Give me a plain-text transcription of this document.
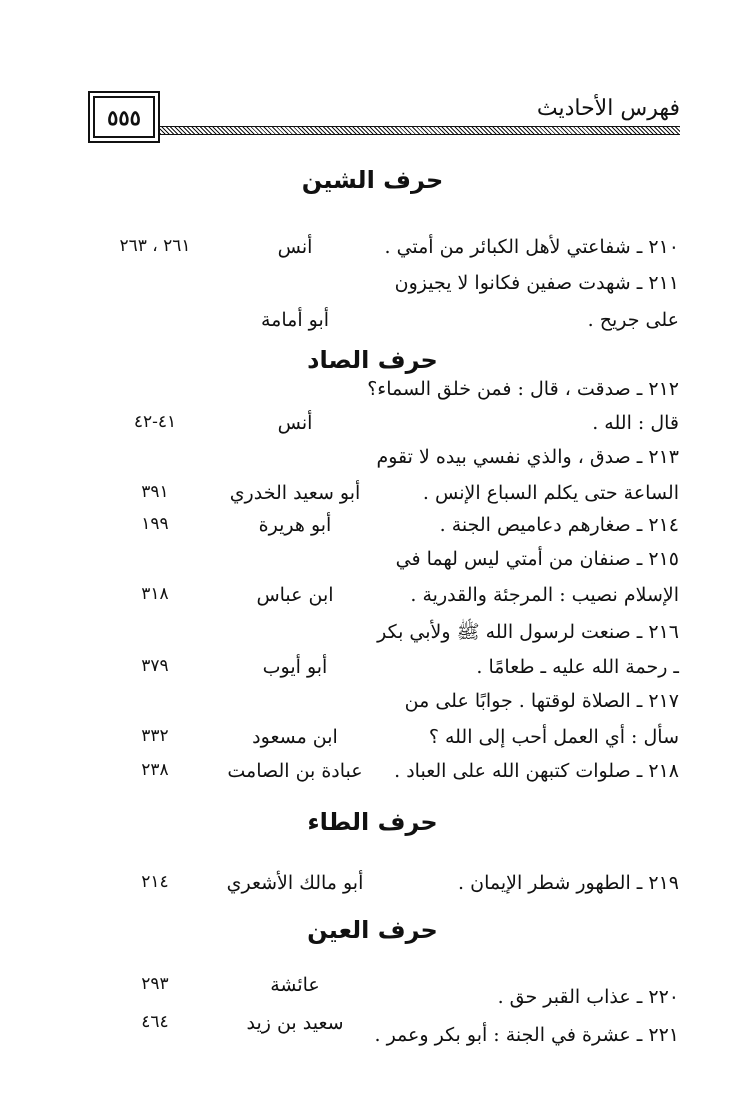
٥٥٥	فهرس الأحاديث
حرف الشين
٢١٠ ـ شفاعتي لأهل الكبائر من أمتي .
أنس
٢٦١ ، ٢٦٣
٢١١ ـ شهدت صفين فكانوا لا يجيزون
على جريح .
أبو أمامة
حرف الصاد
٢١٢ ـ صدقت ، قال : فمن خلق السماء؟
قال : الله .
أنس
٤١-٤٢
٢١٣ ـ صدق ، والذي نفسي بيده لا تقوم
الساعة حتى يكلم السباع الإنس .
أبو سعيد الخدري
٣٩١
٢١٤ ـ صغارهم دعاميص الجنة .
أبو هريرة
١٩٩
٢١٥ ـ صنفان من أمتي ليس لهما في
الإسلام نصيب : المرجئة والقدرية .
ابن عباس
٣١٨
٢١٦ ـ صنعت لرسول الله ﷺ ولأبي بكر
ـ رحمة الله عليه ـ طعامًا .
أبو أيوب
٣٧٩
٢١٧ ـ الصلاة لوقتها . جوابًا على من
سأل : أي العمل أحب إلى الله ؟
ابن مسعود
٣٣٢
٢١٨ ـ صلوات كتبهن الله على العباد .
عبادة بن الصامت
٢٣٨
حرف الطاء
٢١٩ ـ الطهور شطر الإيمان .
أبو مالك الأشعري
٢١٤
حرف العين
٢٢٠ ـ عذاب القبر حق .
عائشة
٢٩٣
٢٢١ ـ عشرة في الجنة : أبو بكر وعمر .
سعيد بن زيد
٤٦٤
